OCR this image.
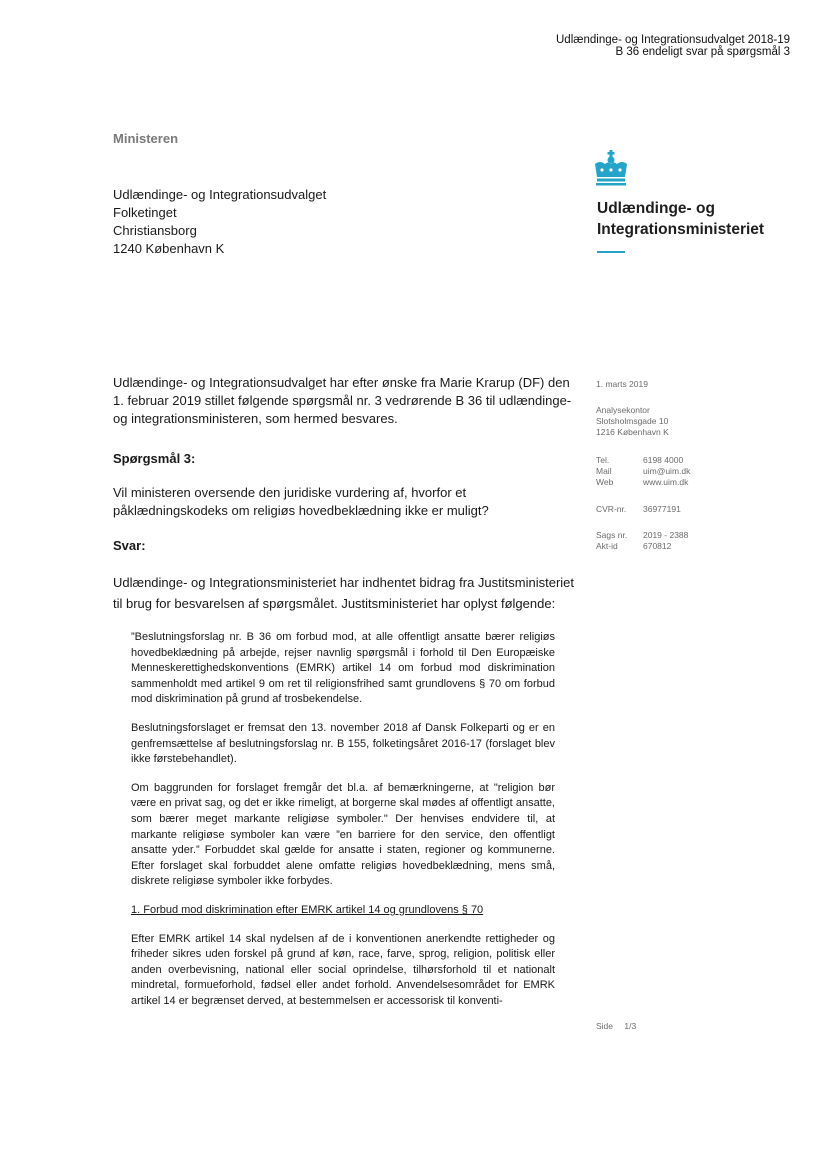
Udlændinge- og Integrationsudvalget 2018-19
B 36 endeligt svar på spørgsmål 3
Ministeren
Udlændinge- og Integrationsudvalget
Folketinget
Christiansborg
1240 København K
Udlændinge- og
Integrationsministeriet
1. marts 2019
Analysekontor
Slotsholmsgade 10
1216 København K
Tel.	6198 4000
Mail	uim@uim.dk
Web	www.uim.dk
CVR-nr.	36977191
Sags nr.	2019 - 2388
Akt-id	670812
Udlændinge- og Integrationsudvalget har efter ønske fra Marie Krarup (DF) den 1. februar 2019 stillet følgende spørgsmål nr. 3 vedrørende B 36 til udlændinge- og integrationsministeren, som hermed besvares.
Spørgsmål 3:
Vil ministeren oversende den juridiske vurdering af, hvorfor et påklædningskodeks om religiøs hovedbeklædning ikke er muligt?
Svar:
Udlændinge- og Integrationsministeriet har indhentet bidrag fra Justitsministeriet til brug for besvarelsen af spørgsmålet. Justitsministeriet har oplyst følgende:

”Beslutningsforslag nr. B 36 om forbud mod, at alle offentligt ansatte bærer religiøs hovedbeklædning på arbejde, rejser navnlig spørgsmål i forhold til Den Europæiske Menneskerettighedskonventions (EMRK) artikel 14 om forbud mod diskrimination sammenholdt med artikel 9 om ret til religionsfrihed samt grundlovens § 70 om forbud mod diskrimination på grund af trosbekendelse.

Beslutningsforslaget er fremsat den 13. november 2018 af Dansk Folkeparti og er en genfremsættelse af beslutningsforslag nr. B 155, folketingsåret 2016-17 (forslaget blev ikke førstebehandlet).

Om baggrunden for forslaget fremgår det bl.a. af bemærkningerne, at "religion bør være en privat sag, og det er ikke rimeligt, at borgerne skal mødes af offentligt ansatte, som bærer meget markante religiøse symboler." Der henvises endvidere til, at markante religiøse symboler kan være ”en barriere for den service, den offentligt ansatte yder.” Forbuddet skal gælde for ansatte i staten, regioner og kommunerne. Efter forslaget skal forbuddet alene omfatte religiøs hovedbeklædning, mens små, diskrete religiøse symboler ikke forbydes.

1. Forbud mod diskrimination efter EMRK artikel 14 og grundlovens § 70

Efter EMRK artikel 14 skal nydelsen af de i konventionen anerkendte rettigheder og friheder sikres uden forskel på grund af køn, race, farve, sprog, religion, politisk eller anden overbevisning, national eller social oprindelse, tilhørsforhold til et nationalt mindretal, formueforhold, fødsel eller andet forhold. Anvendelsesområdet for EMRK artikel 14 er begrænset derved, at bestemmelsen er accessorisk til konventi-

Side 1/3
